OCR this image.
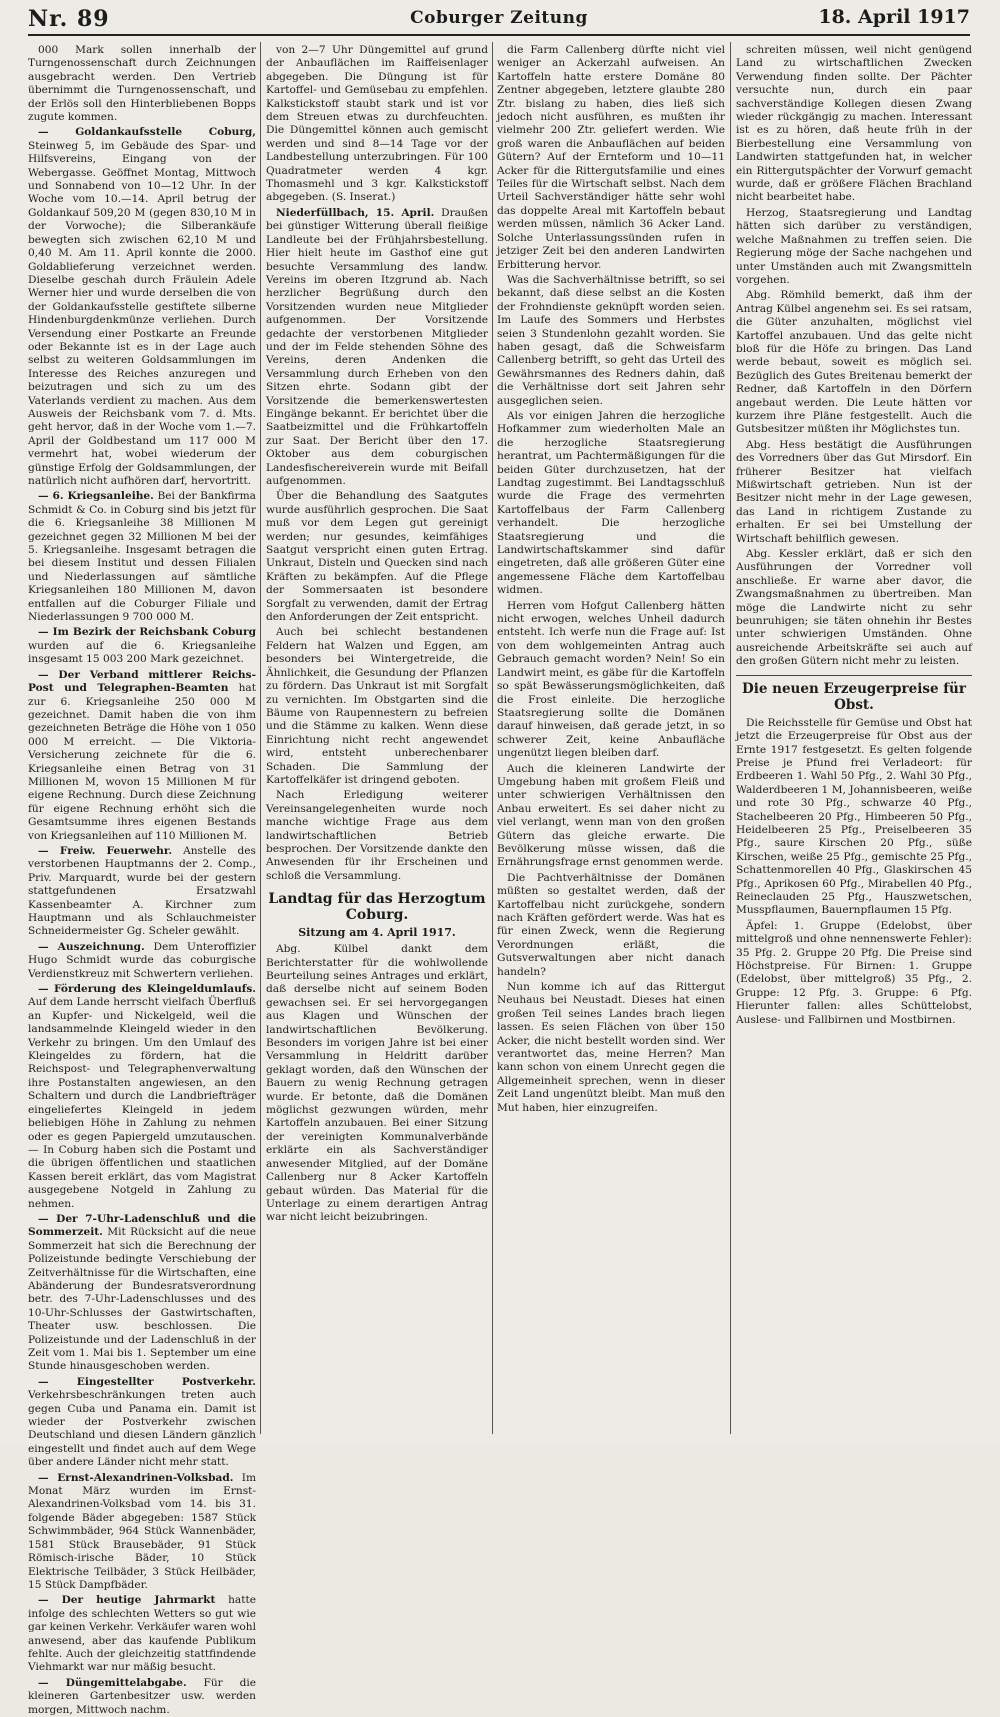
Nr. 89	Coburger Zeitung	18. April 1917

000 Mark sollen innerhalb der Turngenossenschaft durch Zeichnungen ausgebracht werden. Den Vertrieb übernimmt die Turngenossenschaft, und der Erlös soll den Hinterbliebenen Bopps zugute kommen.

— Goldankaufsstelle Coburg, Steinweg 5, im Gebäude des Spar- und Hilfsvereins, Eingang von der Webergasse. Geöffnet Montag, Mittwoch und Sonnabend von 10—12 Uhr. In der Woche vom 10.—14. April betrug der Goldankauf 509,20 M (gegen 830,10 M in der Vorwoche); die Silberankäufe bewegten sich zwischen 62,10 M und 0,40 M. Am 11. April konnte die 2000. Goldablieferung verzeichnet werden. Dieselbe geschah durch Fräulein Adele Werner hier und wurde derselben die von der Goldankaufsstelle gestiftete silberne Hindenburgdenkmünze verliehen. Durch Versendung einer Postkarte an Freunde oder Bekannte ist es in der Lage auch selbst zu weiteren Goldsammlungen im Interesse des Reiches anzuregen und beizutragen und sich zu um des Vaterlands verdient zu machen. Aus dem Ausweis der Reichsbank vom 7. d. Mts. geht hervor, daß in der Woche vom 1.—7. April der Goldbestand um 117 000 M vermehrt hat, wobei wiederum der günstige Erfolg der Goldsammlungen, der natürlich nicht aufhören darf, hervortritt.

— 6. Kriegsanleihe. Bei der Bankfirma Schmidt & Co. in Coburg sind bis jetzt für die 6. Kriegsanleihe 38 Millionen M gezeichnet gegen 32 Millionen M bei der 5. Kriegsanleihe. Insgesamt betragen die bei diesem Institut und dessen Filialen und Niederlassungen auf sämtliche Kriegsanleihen 180 Millionen M, davon entfallen auf die Coburger Filiale und Niederlassungen 9 700 000 M.

— Im Bezirk der Reichsbank Coburg wurden auf die 6. Kriegsanleihe insgesamt 15 003 200 Mark gezeichnet.

— Der Verband mittlerer Reichs-Post und Telegraphen-Beamten hat zur 6. Kriegsanleihe 250 000 M gezeichnet. Damit haben die von ihm gezeichneten Beträge die Höhe von 1 050 000 M erreicht. — Die Viktoria-Versicherung zeichnete für die 6. Kriegsanleihe einen Betrag von 31 Millionen M, wovon 15 Millionen M für eigene Rechnung. Durch diese Zeichnung für eigene Rechnung erhöht sich die Gesamtsumme ihres eigenen Bestands von Kriegsanleihen auf 110 Millionen M.

— Freiw. Feuerwehr. Anstelle des verstorbenen Hauptmanns der 2. Comp., Priv. Marquardt, wurde bei der gestern stattgefundenen Ersatzwahl Kassenbeamter A. Kirchner zum Hauptmann und als Schlauchmeister Schneidermeister Gg. Scheler gewählt.

— Auszeichnung. Dem Unteroffizier Hugo Schmidt wurde das coburgische Verdienstkreuz mit Schwertern verliehen.

— Förderung des Kleingeldumlaufs. Auf dem Lande herrscht vielfach Überfluß an Kupfer- und Nickelgeld, weil die landsammelnde Kleingeld wieder in den Verkehr zu bringen. Um den Umlauf des Kleingeldes zu fördern, hat die Reichspost- und Telegraphenverwaltung ihre Postanstalten angewiesen, an den Schaltern und durch die Landbriefträger eingeliefertes Kleingeld in jedem beliebigen Höhe in Zahlung zu nehmen oder es gegen Papiergeld umzutauschen. — In Coburg haben sich die Postamt und die übrigen öffentlichen und staatlichen Kassen bereit erklärt, das vom Magistrat ausgegebene Notgeld in Zahlung zu nehmen.

— Der 7-Uhr-Ladenschluß und die Sommerzeit. Mit Rücksicht auf die neue Sommerzeit hat sich die Berechnung der Polizeistunde bedingte Verschiebung der Zeitverhältnisse für die Wirtschaften, eine Abänderung der Bundesratsverordnung betr. des 7-Uhr-Ladenschlusses und des 10-Uhr-Schlusses der Gastwirtschaften, Theater usw. beschlossen. Die Polizeistunde und der Ladenschluß in der Zeit vom 1. Mai bis 1. September um eine Stunde hinausgeschoben werden.

— Eingestellter Postverkehr. Verkehrsbeschränkungen treten auch gegen Cuba und Panama ein. Damit ist wieder der Postverkehr zwischen Deutschland und diesen Ländern gänzlich eingestellt und findet auch auf dem Wege über andere Länder nicht mehr statt.

— Ernst-Alexandrinen-Volksbad. Im Monat März wurden im Ernst-Alexandrinen-Volksbad vom 14. bis 31. folgende Bäder abgegeben: 1587 Stück Schwimmbäder, 964 Stück Wannenbäder, 1581 Stück Brausebäder, 91 Stück Römisch-irische Bäder, 10 Stück Elektrische Teilbäder, 3 Stück Heilbäder, 15 Stück Dampfbäder.

— Der heutige Jahrmarkt hatte infolge des schlechten Wetters so gut wie gar keinen Verkehr. Verkäufer waren wohl anwesend, aber das kaufende Publikum fehlte. Auch der gleichzeitig stattfindende Viehmarkt war nur mäßig besucht.

— Düngemittelabgabe. Für die kleineren Gartenbesitzer usw. werden morgen, Mittwoch nachm.

von 2—7 Uhr Düngemittel auf grund der Anbauflächen im Raiffeisenlager abgegeben. Die Düngung ist für Kartoffel- und Gemüsebau zu empfehlen. Kalkstickstoff staubt stark und ist vor dem Streuen etwas zu durchfeuchten. Die Düngemittel können auch gemischt werden und sind 8—14 Tage vor der Landbestellung unterzubringen. Für 100 Quadratmeter werden 4 kgr. Thomasmehl und 3 kgr. Kalkstickstoff abgegeben. (S. Inserat.)

Niederfüllbach, 15. April. Draußen bei günstiger Witterung überall fleißige Landleute bei der Frühjahrsbestellung. Hier hielt heute im Gasthof eine gut besuchte Versammlung des landw. Vereins im oberen Itzgrund ab. Nach herzlicher Begrüßung durch den Vorsitzenden wurden neue Mitglieder aufgenommen. Der Vorsitzende gedachte der verstorbenen Mitglieder und der im Felde stehenden Söhne des Vereins, deren Andenken die Versammlung durch Erheben von den Sitzen ehrte. Sodann gibt der Vorsitzende die bemerkenswertesten Eingänge bekannt. Er berichtet über die Saatbeizmittel und die Frühkartoffeln zur Saat. Der Bericht über den 17. Oktober aus dem coburgischen Landesfischereiverein wurde mit Beifall aufgenommen.

Über die Behandlung des Saatgutes wurde ausführlich gesprochen. Die Saat muß vor dem Legen gut gereinigt werden; nur gesundes, keimfähiges Saatgut verspricht einen guten Ertrag. Unkraut, Disteln und Quecken sind nach Kräften zu bekämpfen. Auf die Pflege der Sommersaaten ist besondere Sorgfalt zu verwenden, damit der Ertrag den Anforderungen der Zeit entspricht.

Auch bei schlecht bestandenen Feldern hat Walzen und Eggen, am besonders bei Wintergetreide, die Ähnlichkeit, die Gesundung der Pflanzen zu fördern. Das Unkraut ist mit Sorgfalt zu vernichten. Im Obstgarten sind die Bäume von Raupennestern zu befreien und die Stämme zu kalken. Wenn diese Einrichtung nicht recht angewendet wird, entsteht unberechenbarer Schaden. Die Sammlung der Kartoffelkäfer ist dringend geboten.

Nach Erledigung weiterer Vereinsangelegenheiten wurde noch manche wichtige Frage aus dem landwirtschaftlichen Betrieb besprochen. Der Vorsitzende dankte den Anwesenden für ihr Erscheinen und schloß die Versammlung.

Landtag für das Herzogtum Coburg.
Sitzung am 4. April 1917.

Abg. Külbel dankt dem Berichterstatter für die wohlwollende Beurteilung seines Antrages und erklärt, daß derselbe nicht auf seinem Boden gewachsen sei. Er sei hervorgegangen aus Klagen und Wünschen der landwirtschaftlichen Bevölkerung. Besonders im vorigen Jahre ist bei einer Versammlung in Heldritt darüber geklagt worden, daß den Wünschen der Bauern zu wenig Rechnung getragen wurde. Er betonte, daß die Domänen möglichst gezwungen würden, mehr Kartoffeln anzubauen. Bei einer Sitzung der vereinigten Kommunalverbände erklärte ein als Sachverständiger anwesender Mitglied, auf der Domäne Callenberg nur 8 Acker Kartoffeln gebaut würden. Das Material für die Unterlage zu einem derartigen Antrag war nicht leicht beizubringen.

die Farm Callenberg dürfte nicht viel weniger an Ackerzahl aufweisen. An Kartoffeln hatte erstere Domäne 80 Zentner abgegeben, letztere glaubte 280 Ztr. bislang zu haben, dies ließ sich jedoch nicht ausführen, es mußten ihr vielmehr 200 Ztr. geliefert werden. Wie groß waren die Anbauflächen auf beiden Gütern? Auf der Ernteform und 10—11 Acker für die Rittergutsfamilie und eines Teiles für die Wirtschaft selbst. Nach dem Urteil Sachverständiger hätte sehr wohl das doppelte Areal mit Kartoffeln bebaut werden müssen, nämlich 36 Acker Land. Solche Unterlassungssünden rufen in jetziger Zeit bei den anderen Landwirten Erbitterung hervor.

Was die Sachverhältnisse betrifft, so sei bekannt, daß diese selbst an die Kosten der Frohndienste geknüpft worden seien. Im Laufe des Sommers und Herbstes seien 3 Stundenlohn gezahlt worden. Sie haben gesagt, daß die Schweisfarm Callenberg betrifft, so geht das Urteil des Gewährsmannes des Redners dahin, daß die Verhältnisse dort seit Jahren sehr ausgeglichen seien.

Als vor einigen Jahren die herzogliche Hofkammer zum wiederholten Male an die herzogliche Staatsregierung herantrat, um Pachtermäßigungen für die beiden Güter durchzusetzen, hat der Landtag zugestimmt. Bei Landtagsschluß wurde die Frage des vermehrten Kartoffelbaus der Farm Callenberg verhandelt. Die herzogliche Staatsregierung und die Landwirtschaftskammer sind dafür eingetreten, daß alle größeren Güter eine angemessene Fläche dem Kartoffelbau widmen.

Herren vom Hofgut Callenberg hätten nicht erwogen, welches Unheil dadurch entsteht. Ich werfe nun die Frage auf: Ist von dem wohlgemeinten Antrag auch Gebrauch gemacht worden? Nein! So ein Landwirt meint, es gäbe für die Kartoffeln so spät Bewässerungsmöglichkeiten, daß die Frost einleite. Die herzogliche Staatsregierung sollte die Domänen darauf hinweisen, daß gerade jetzt, in so schwerer Zeit, keine Anbaufläche ungenützt liegen bleiben darf.

Auch die kleineren Landwirte der Umgebung haben mit großem Fleiß und unter schwierigen Verhältnissen den Anbau erweitert. Es sei daher nicht zu viel verlangt, wenn man von den großen Gütern das gleiche erwarte. Die Bevölkerung müsse wissen, daß die Ernährungsfrage ernst genommen werde.

Die Pachtverhältnisse der Domänen müßten so gestaltet werden, daß der Kartoffelbau nicht zurückgehe, sondern nach Kräften gefördert werde. Was hat es für einen Zweck, wenn die Regierung Verordnungen erläßt, die Gutsverwaltungen aber nicht danach handeln?

Nun komme ich auf das Rittergut Neuhaus bei Neustadt. Dieses hat einen großen Teil seines Landes brach liegen lassen. Es seien Flächen von über 150 Acker, die nicht bestellt worden sind. Wer verantwortet das, meine Herren? Man kann schon von einem Unrecht gegen die Allgemeinheit sprechen, wenn in dieser Zeit Land ungenützt bleibt. Man muß den Mut haben, hier einzugreifen.

schreiten müssen, weil nicht genügend Land zu wirtschaftlichen Zwecken Verwendung finden sollte. Der Pächter versuchte nun, durch ein paar sachverständige Kollegen diesen Zwang wieder rückgängig zu machen. Interessant ist es zu hören, daß heute früh in der Bierbestellung eine Versammlung von Landwirten stattgefunden hat, in welcher ein Rittergutspächter der Vorwurf gemacht wurde, daß er größere Flächen Brachland nicht bearbeitet habe.

Herzog, Staatsregierung und Landtag hätten sich darüber zu verständigen, welche Maßnahmen zu treffen seien. Die Regierung möge der Sache nachgehen und unter Umständen auch mit Zwangsmitteln vorgehen.

Abg. Römhild bemerkt, daß ihm der Antrag Külbel angenehm sei. Es sei ratsam, die Güter anzuhalten, möglichst viel Kartoffel anzubauen. Und das gelte nicht bloß für die Höfe zu bringen. Das Land werde bebaut, soweit es möglich sei. Bezüglich des Gutes Breitenau bemerkt der Redner, daß Kartoffeln in den Dörfern angebaut werden. Die Leute hätten vor kurzem ihre Pläne festgestellt. Auch die Gutsbesitzer müßten ihr Möglichstes tun.

Abg. Hess bestätigt die Ausführungen des Vorredners über das Gut Mirsdorf. Ein früherer Besitzer hat vielfach Mißwirtschaft getrieben. Nun ist der Besitzer nicht mehr in der Lage gewesen, das Land in richtigem Zustande zu erhalten. Er sei bei Umstellung der Wirtschaft behilflich gewesen.

Abg. Kessler erklärt, daß er sich den Ausführungen der Vorredner voll anschließe. Er warne aber davor, die Zwangsmaßnahmen zu übertreiben. Man möge die Landwirte nicht zu sehr beunruhigen; sie täten ohnehin ihr Bestes unter schwierigen Umständen. Ohne ausreichende Arbeitskräfte sei auch auf den großen Gütern nicht mehr zu leisten.

Die neuen Erzeugerpreise für Obst.

Die Reichsstelle für Gemüse und Obst hat jetzt die Erzeugerpreise für Obst aus der Ernte 1917 festgesetzt. Es gelten folgende Preise je Pfund frei Verladeort: für Erdbeeren 1. Wahl 50 Pfg., 2. Wahl 30 Pfg., Walderdbeeren 1 M, Johannisbeeren, weiße und rote 30 Pfg., schwarze 40 Pfg., Stachelbeeren 20 Pfg., Himbeeren 50 Pfg., Heidelbeeren 25 Pfg., Preiselbeeren 35 Pfg., saure Kirschen 20 Pfg., süße Kirschen, weiße 25 Pfg., gemischte 25 Pfg., Schattenmorellen 40 Pfg., Glaskirschen 45 Pfg., Aprikosen 60 Pfg., Mirabellen 40 Pfg., Reineclauden 25 Pfg., Hauszwetschen, Musspflaumen, Bauernpflaumen 15 Pfg.

Äpfel: 1. Gruppe (Edelobst, über mittelgroß und ohne nennenswerte Fehler): 35 Pfg. 2. Gruppe 20 Pfg. Die Preise sind Höchstpreise. Für Birnen: 1. Gruppe (Edelobst, über mittelgroß) 35 Pfg., 2. Gruppe: 12 Pfg. 3. Gruppe: 6 Pfg. Hierunter fallen: alles Schüttelobst, Auslese- und Fallbirnen und Mostbirnen.
